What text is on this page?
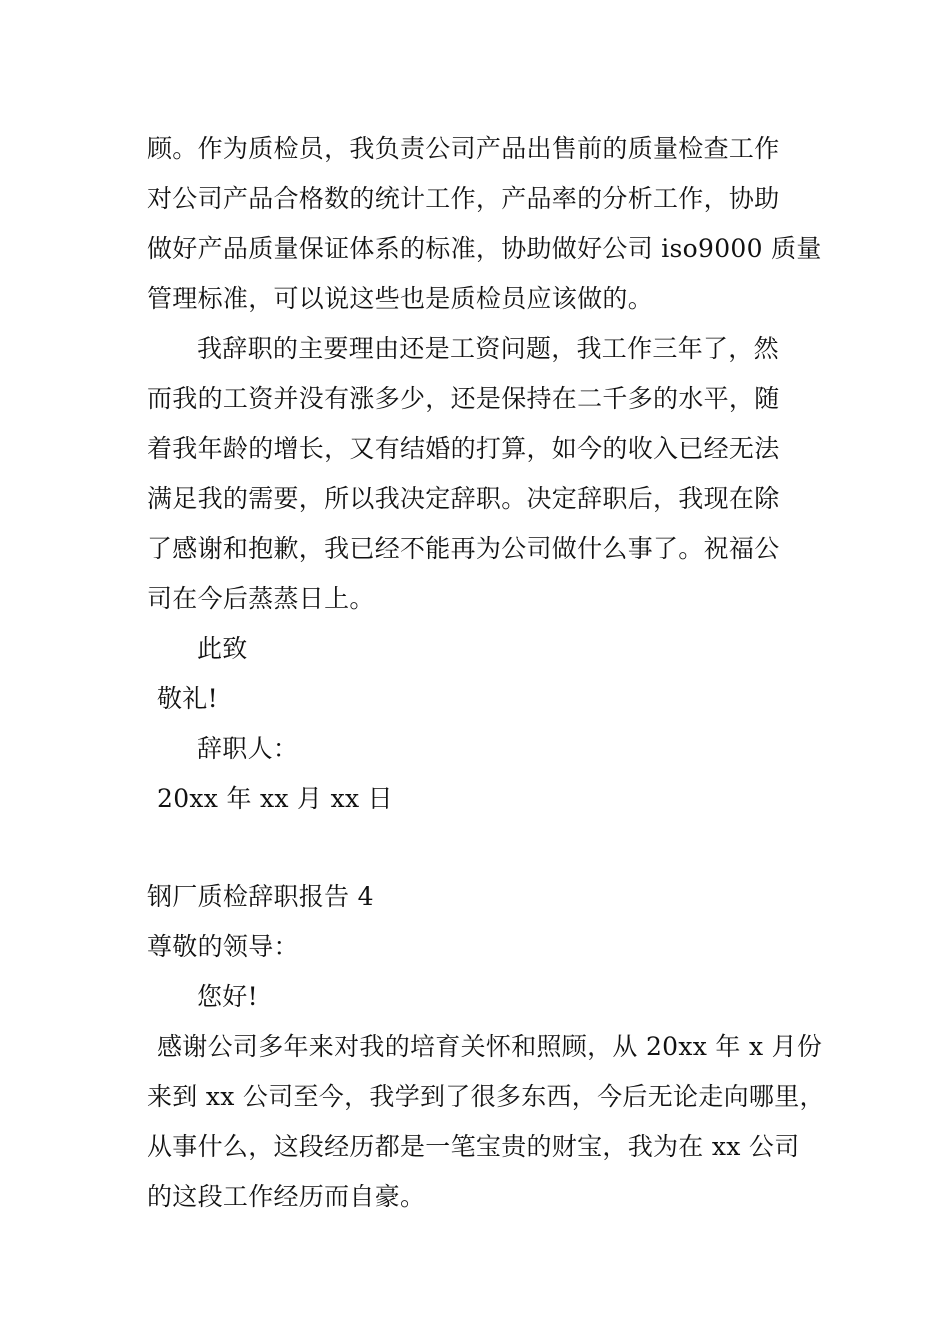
顾。作为质检员，我负责公司产品出售前的质量检查工作
对公司产品合格数的统计工作，产品率的分析工作，协助
做好产品质量保证体系的标准，协助做好公司 iso9000 质量
管理标准，可以说这些也是质检员应该做的。
我辞职的主要理由还是工资问题，我工作三年了，然
而我的工资并没有涨多少，还是保持在二千多的水平，随
着我年龄的增长，又有结婚的打算，如今的收入已经无法
满足我的需要，所以我决定辞职。决定辞职后，我现在除
了感谢和抱歉，我已经不能再为公司做什么事了。祝福公
司在今后蒸蒸日上。
此致
敬礼!
辞职人：
20xx 年 xx 月 xx 日
钢厂质检辞职报告 4
尊敬的领导：
您好!
感谢公司多年来对我的培育关怀和照顾，从 20xx 年 x 月份
来到 xx 公司至今，我学到了很多东西，今后无论走向哪里，
从事什么，这段经历都是一笔宝贵的财宝，我为在 xx 公司
的这段工作经历而自豪。
